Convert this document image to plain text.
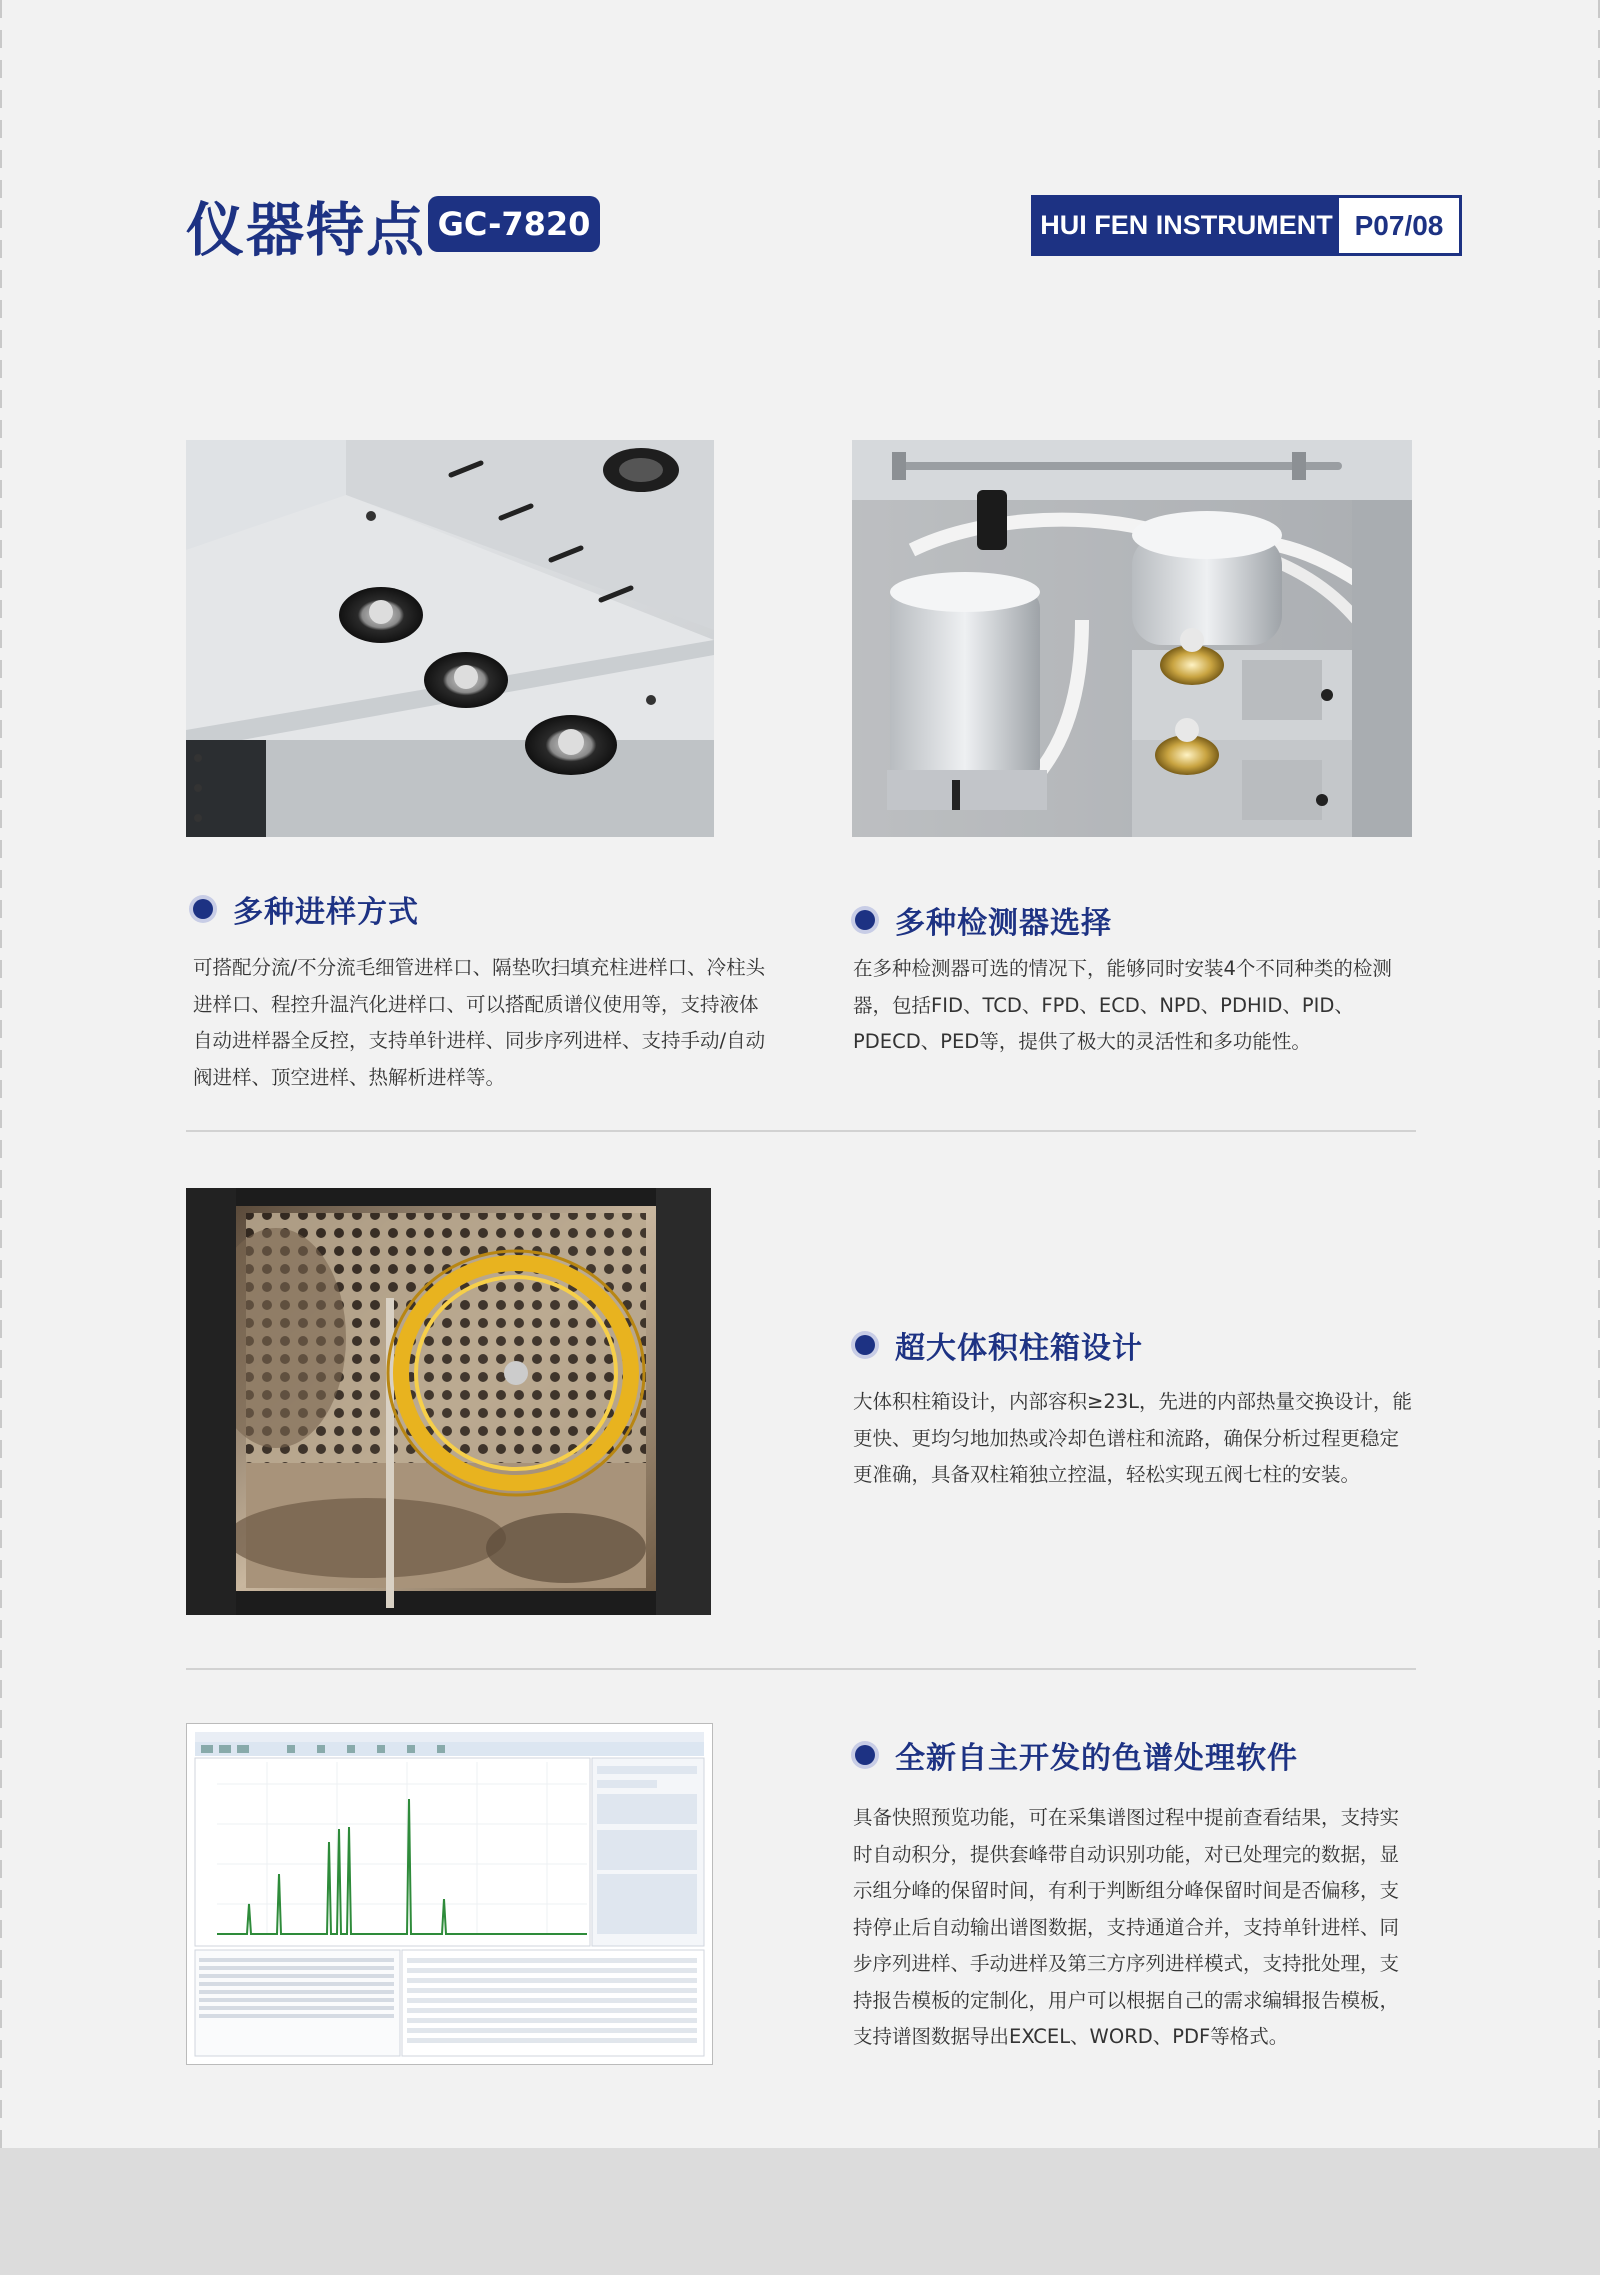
仪器特点 GC-7820	HUI FEN INSTRUMENT P07/08
多种进样方式

可搭配分流/不分流毛细管进样口、隔垫吹扫填充柱进样口、冷柱头进样口、程控升温汽化进样口、可以搭配质谱仪使用等，支持液体自动进样器全反控，支持单针进样、同步序列进样、支持手动/自动阀进样、顶空进样、热解析进样等。

多种检测器选择

在多种检测器可选的情况下，能够同时安装4个不同种类的检测器，包括FID、TCD、FPD、ECD、NPD、PDHID、PID、PDECD、PED等，提供了极大的灵活性和多功能性。

超大体积柱箱设计

大体积柱箱设计，内部容积≥23L，先进的内部热量交换设计，能更快、更均匀地加热或冷却色谱柱和流路，确保分析过程更稳定更准确，具备双柱箱独立控温，轻松实现五阀七柱的安装。

全新自主开发的色谱处理软件

具备快照预览功能，可在采集谱图过程中提前查看结果，支持实时自动积分，提供套峰带自动识别功能，对已处理完的数据，显示组分峰的保留时间，有利于判断组分峰保留时间是否偏移，支持停止后自动输出谱图数据，支持通道合并，支持单针进样、同步序列进样、手动进样及第三方序列进样模式，支持批处理，支持报告模板的定制化，用户可以根据自己的需求编辑报告模板，支持谱图数据导出EXCEL、WORD、PDF等格式。
